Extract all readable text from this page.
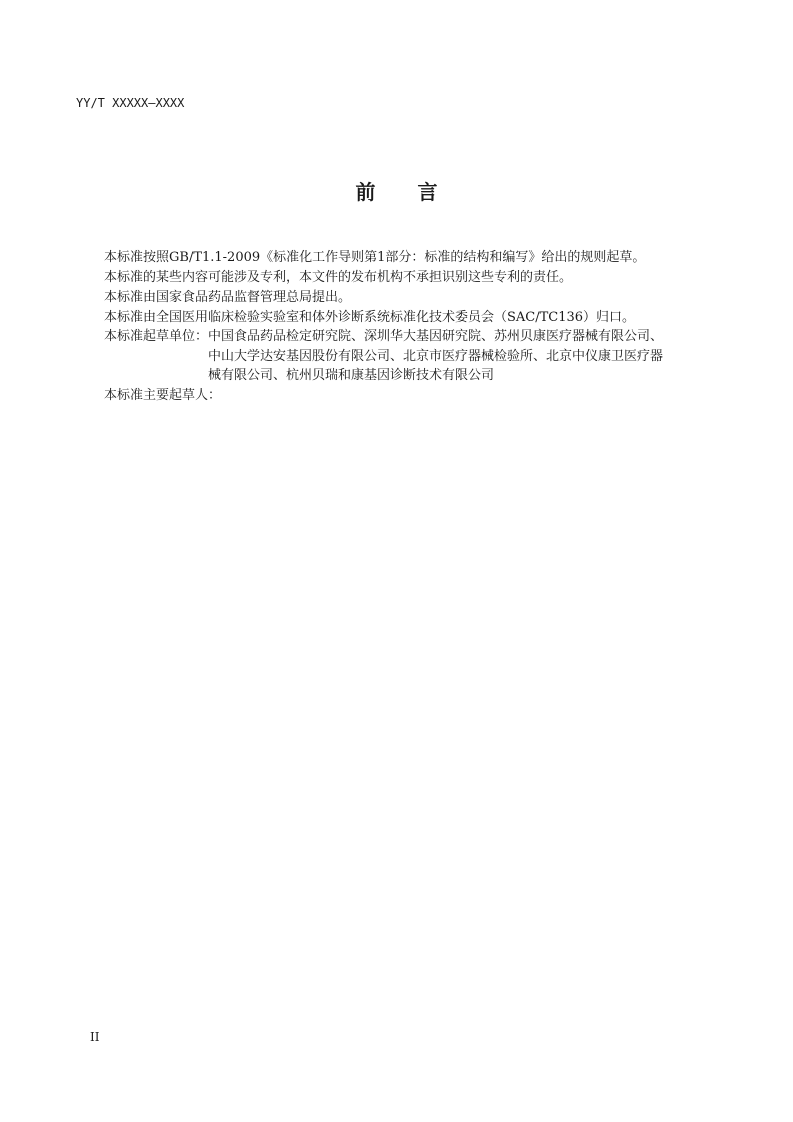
YY/T XXXXX—XXXX
前 言
本标准按照GB/T1.1-2009《标准化工作导则第1部分：标准的结构和编写》给出的规则起草。
本标准的某些内容可能涉及专利，本文件的发布机构不承担识别这些专利的责任。
本标准由国家食品药品监督管理总局提出。
本标准由全国医用临床检验实验室和体外诊断系统标准化技术委员会（SAC/TC136）归口。
本标准起草单位： 中国食品药品检定研究院、深圳华大基因研究院、苏州贝康医疗器械有限公司、
中山大学达安基因股份有限公司、北京市医疗器械检验所、北京中仪康卫医疗器
械有限公司、杭州贝瑞和康基因诊断技术有限公司
本标准主要起草人：
II
